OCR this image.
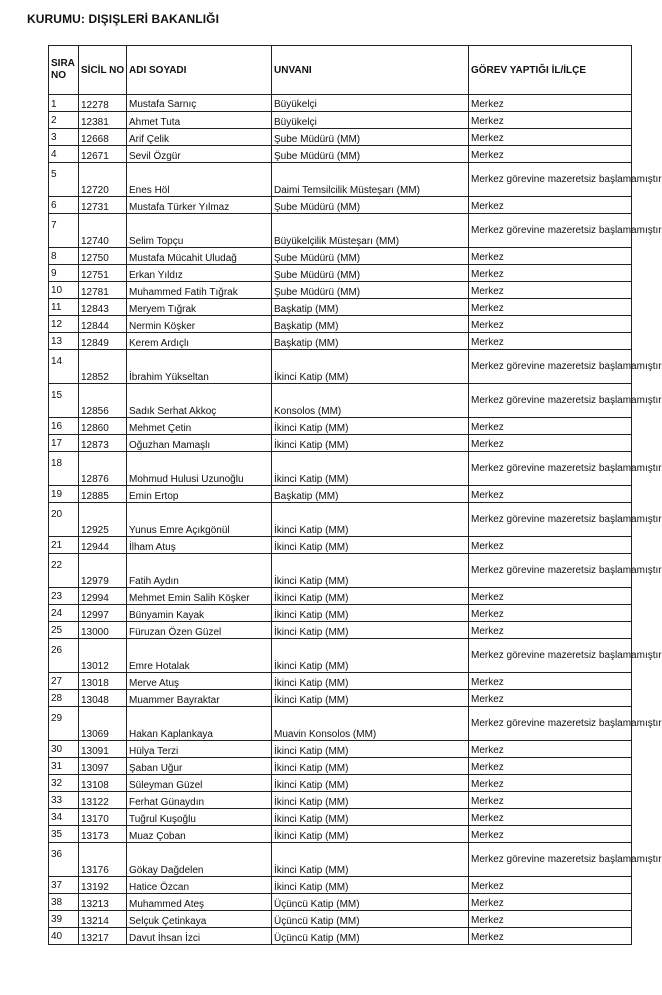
KURUMU: DIŞIŞLERİ BAKANLIĞI
SIRA
NO	SİCİL NO	ADI SOYADI	UNVANI	GÖREV YAPTIĞI İL/İLÇE
1	12278	Mustafa Sarnıç	Büyükelçi	Merkez
2	12381	Ahmet Tuta	Büyükelçi	Merkez
3	12668	Arif Çelik	Şube Müdürü (MM)	Merkez
4	12671	Sevil Özgür	Şube Müdürü (MM)	Merkez
5	12720	Enes Höl	Daimi Temsilcilik Müsteşarı (MM)	Merkez görevine mazeretsiz başlamamıştır
6	12731	Mustafa Türker Yılmaz	Şube Müdürü (MM)	Merkez
7	12740	Selim Topçu	Büyükelçilik Müsteşarı (MM)	Merkez görevine mazeretsiz başlamamıştır
8	12750	Mustafa Mücahit Uludağ	Şube Müdürü (MM)	Merkez
9	12751	Erkan Yıldız	Şube Müdürü (MM)	Merkez
10	12781	Muhammed Fatih Tığrak	Şube Müdürü (MM)	Merkez
11	12843	Meryem Tığrak	Başkatip (MM)	Merkez
12	12844	Nermin Köşker	Başkatip (MM)	Merkez
13	12849	Kerem Ardıçlı	Başkatip (MM)	Merkez
14	12852	İbrahim Yükseltan	İkinci Katip (MM)	Merkez görevine mazeretsiz başlamamıştır
15	12856	Sadık Serhat Akkoç	Konsolos (MM)	Merkez görevine mazeretsiz başlamamıştır
16	12860	Mehmet Çetin	İkinci Katip (MM)	Merkez
17	12873	Oğuzhan Mamaşlı	İkinci Katip (MM)	Merkez
18	12876	Mohmud Hulusi Uzunoğlu	İkinci Katip (MM)	Merkez görevine mazeretsiz başlamamıştır
19	12885	Emin Ertop	Başkatip (MM)	Merkez
20	12925	Yunus Emre Açıkgönül	İkinci Katip (MM)	Merkez görevine mazeretsiz başlamamıştır
21	12944	İlham Atuş	İkinci Katip (MM)	Merkez
22	12979	Fatih Aydın	İkinci Katip (MM)	Merkez görevine mazeretsiz başlamamıştır
23	12994	Mehmet Emin Salih Köşker	İkinci Katip (MM)	Merkez
24	12997	Bünyamin Kayak	İkinci Katip (MM)	Merkez
25	13000	Füruzan Özen Güzel	İkinci Katip (MM)	Merkez
26	13012	Emre Hotalak	İkinci Katip (MM)	Merkez görevine mazeretsiz başlamamıştır
27	13018	Merve Atuş	İkinci Katip (MM)	Merkez
28	13048	Muammer Bayraktar	İkinci Katip (MM)	Merkez
29	13069	Hakan Kaplankaya	Muavin Konsolos (MM)	Merkez görevine mazeretsiz başlamamıştır
30	13091	Hülya Terzi	İkinci Katip (MM)	Merkez
31	13097	Şaban Uğur	İkinci Katip (MM)	Merkez
32	13108	Süleyman Güzel	İkinci Katip (MM)	Merkez
33	13122	Ferhat Günaydın	İkinci Katip (MM)	Merkez
34	13170	Tuğrul Kuşoğlu	İkinci Katip (MM)	Merkez
35	13173	Muaz Çoban	İkinci Katip (MM)	Merkez
36	13176	Gökay Dağdelen	İkinci Katip (MM)	Merkez görevine mazeretsiz başlamamıştır
37	13192	Hatice Özcan	İkinci Katip (MM)	Merkez
38	13213	Muhammed Ateş	Üçüncü Katip (MM)	Merkez
39	13214	Selçuk Çetinkaya	Üçüncü Katip (MM)	Merkez
40	13217	Davut İhsan İzci	Üçüncü Katip (MM)	Merkez
